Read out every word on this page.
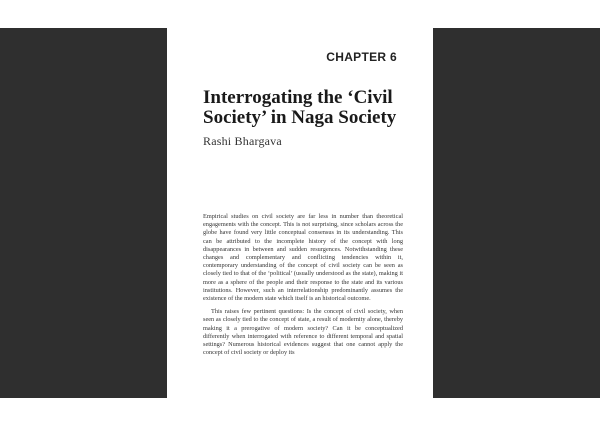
CHAPTER 6
Interrogating the ‘Civil
Society’ in Naga Society
Rashi Bhargava

Empirical studies on civil society are far less in number than theoretical engagements with the concept. This is not surprising, since scholars across the globe have found very little conceptual consensus in its understanding. This can be attributed to the incomplete history of the concept with long disappearances in between and sudden resurgences. Notwithstanding these changes and complementary and conflicting tendencies within it, contemporary understanding of the concept of civil society can be seen as closely tied to that of the ‘political’ (usually understood as the state), making it more as a sphere of the people and their response to the state and its various institutions. However, such an interrelationship predominantly assumes the existence of the modern state which itself is an historical outcome.

This raises few pertinent questions: Is the concept of civil society, when seen as closely tied to the concept of state, a result of modernity alone, thereby making it a prerogative of modern society? Can it be conceptualized differently when interrogated with reference to different temporal and spatial settings? Numerous historical evidences suggest that one cannot apply the concept of civil society or deploy its
